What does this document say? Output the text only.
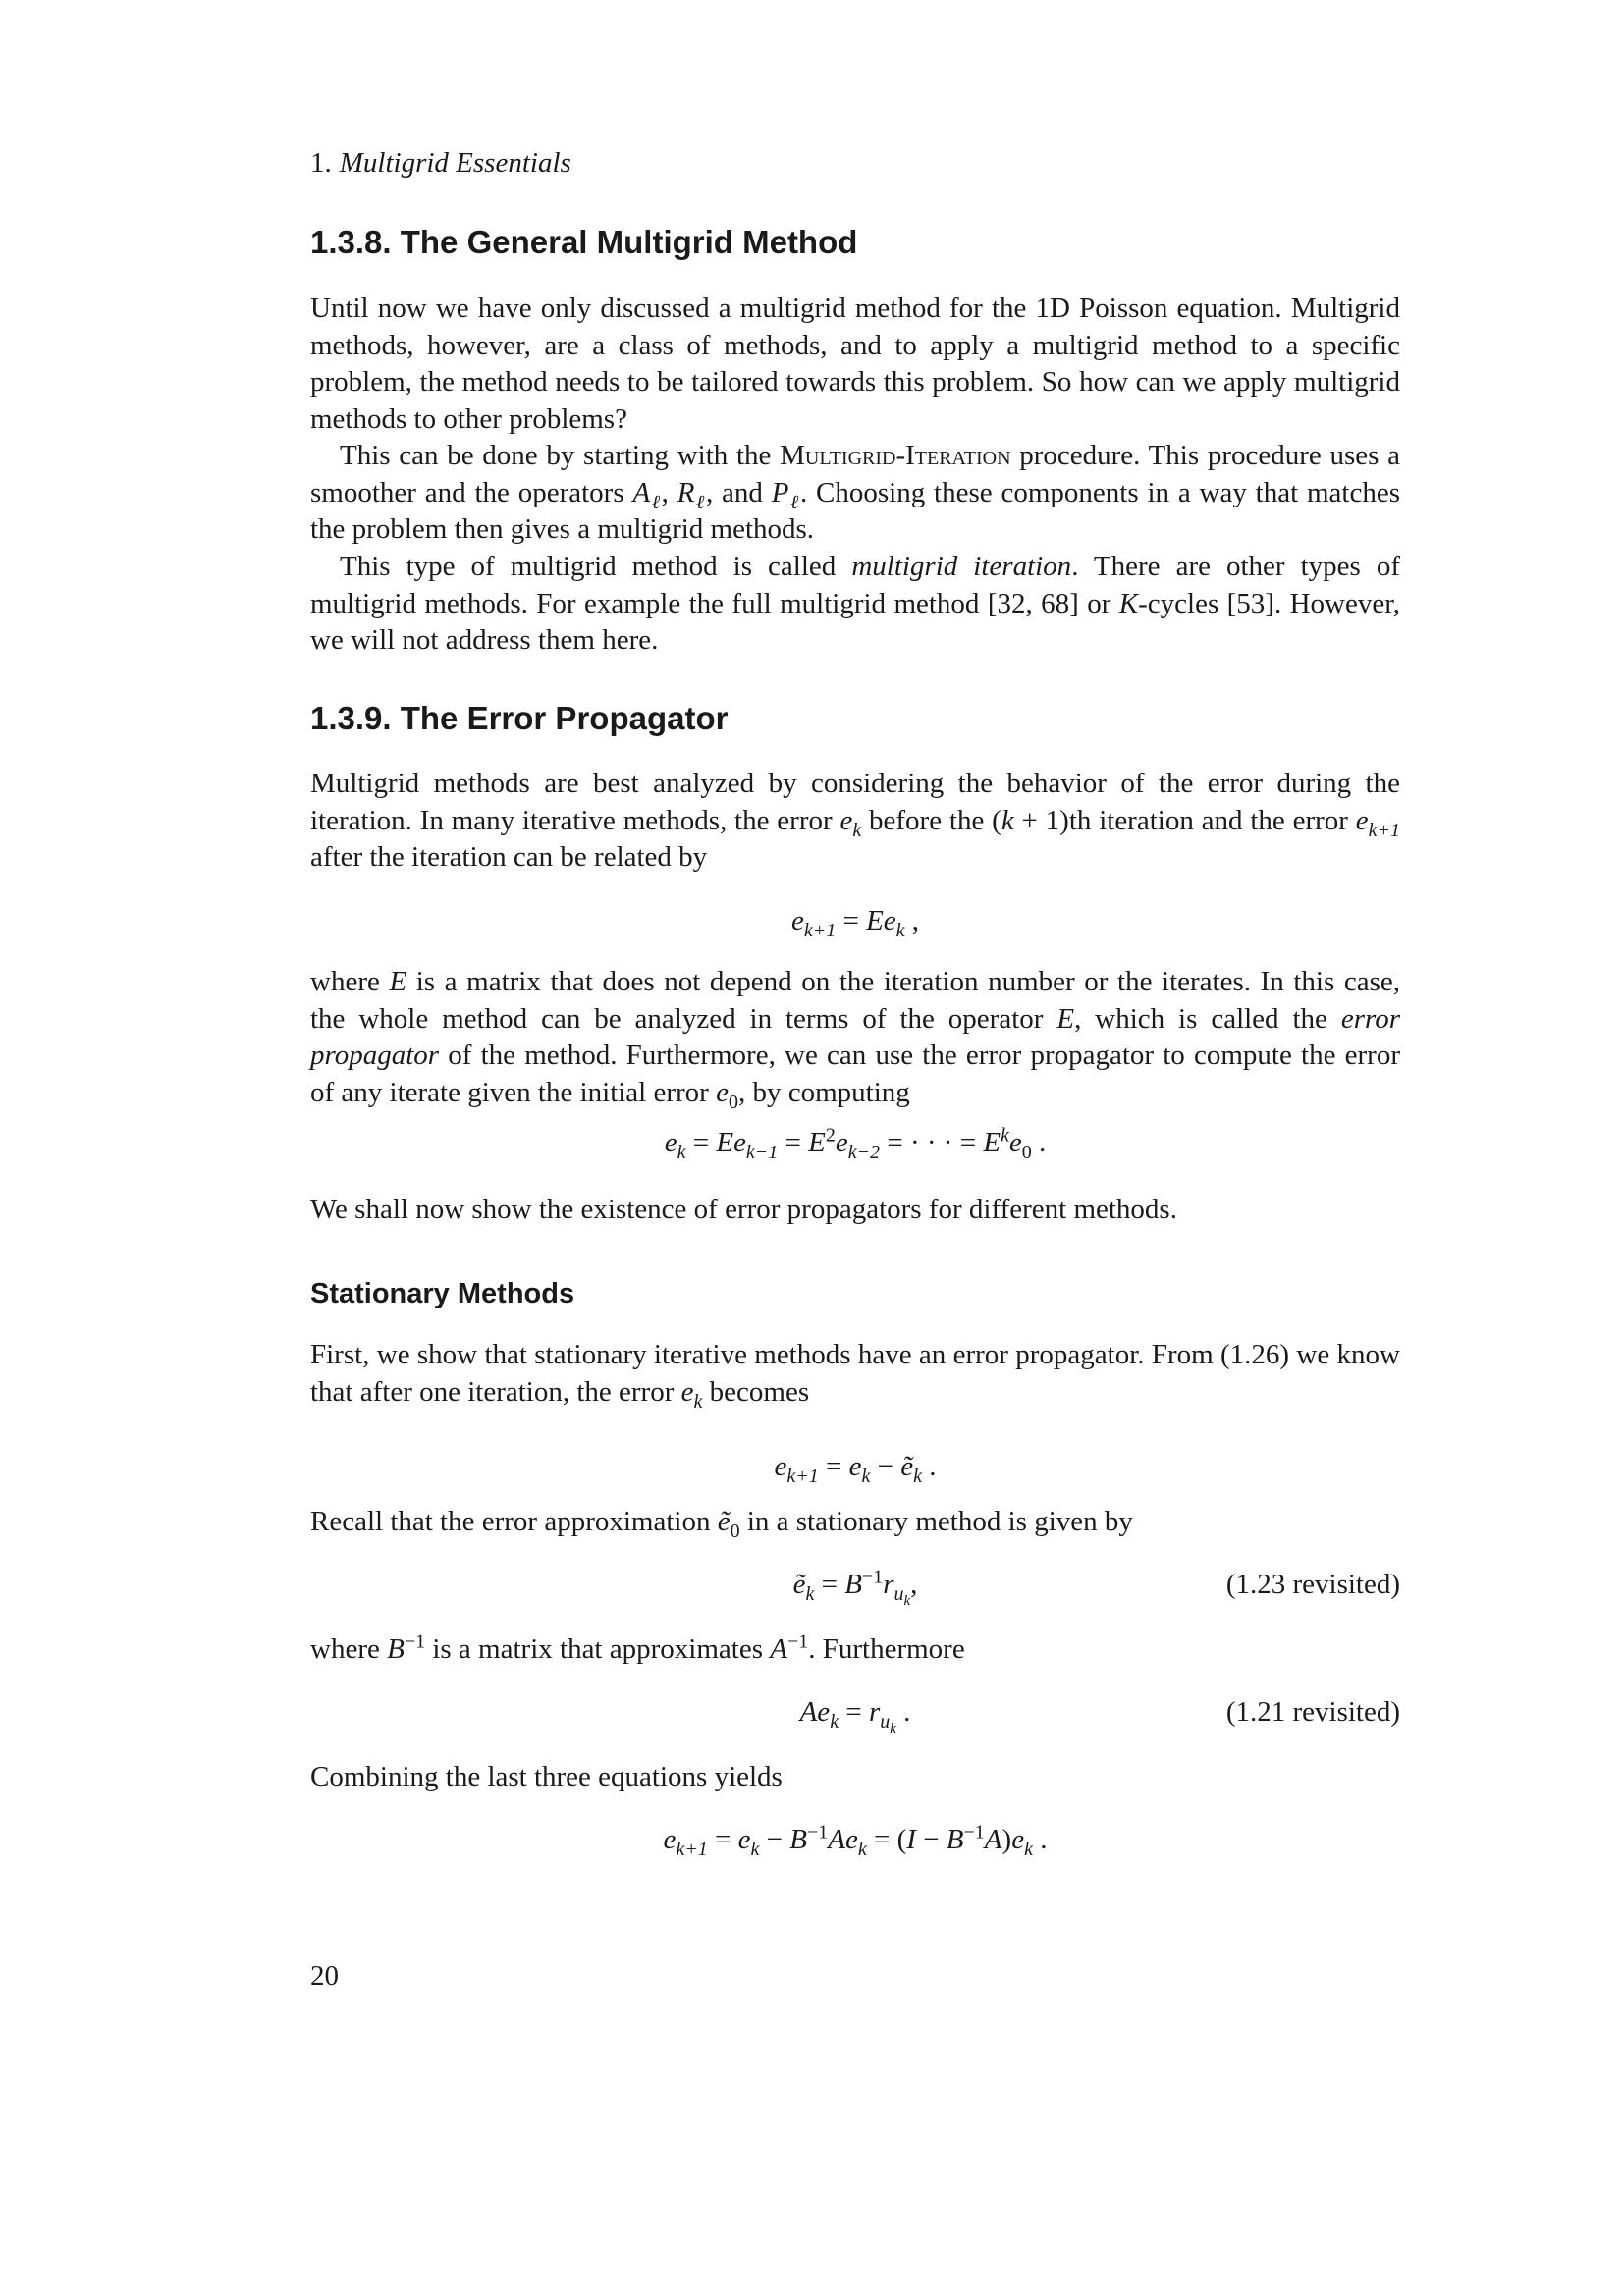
1. Multigrid Essentials
1.3.8. The General Multigrid Method

Until now we have only discussed a multigrid method for the 1D Poisson equation. Multigrid methods, however, are a class of methods, and to apply a multigrid method to a specific problem, the method needs to be tailored towards this problem. So how can we apply multigrid methods to other problems?

This can be done by starting with the Multigrid-Iteration procedure. This procedure uses a smoother and the operators $A_\ell$, $R_\ell$, and $P_\ell$. Choosing these components in a way that matches the problem then gives a multigrid methods.

This type of multigrid method is called multigrid iteration. There are other types of multigrid methods. For example the full multigrid method [32, 68] or K-cycles [53]. However, we will not address them here.

1.3.9. The Error Propagator

Multigrid methods are best analyzed by considering the behavior of the error during the iteration. In many iterative methods, the error $e_k$ before the (k + 1)th iteration and the error $e_{k+1}$ after the iteration can be related by

$e_{k+1} = Ee_k$ ,

where E is a matrix that does not depend on the iteration number or the iterates. In this case, the whole method can be analyzed in terms of the operator E, which is called the error propagator of the method. Furthermore, we can use the error propagator to compute the error of any iterate given the initial error $e_0$, by computing

$e_k = Ee_{k-1} = E^2e_{k-2}$ = · · · = $E^ke_0$ .

We shall now show the existence of error propagators for different methods.

Stationary Methods

First, we show that stationary iterative methods have an error propagator. From (1.26) we know that after one iteration, the error $e_k$ becomes

$e_{k+1} = e_k$ − ẽ$_k$ .

Recall that the error approximation ẽ$_0$ in a stationary method is given by

ẽ$_k$ = $B^{-1}r_{u_k}$,	(1.23 revisited)

where $B^{-1}$ is a matrix that approximates $A^{-1}$. Furthermore

$Ae_k = r_{u_k}$ .	(1.21 revisited)

Combining the last three equations yields

$e_{k+1} = e_k - B^{-1}Ae_k = (I - B^{-1}A)e_k$ .
20
